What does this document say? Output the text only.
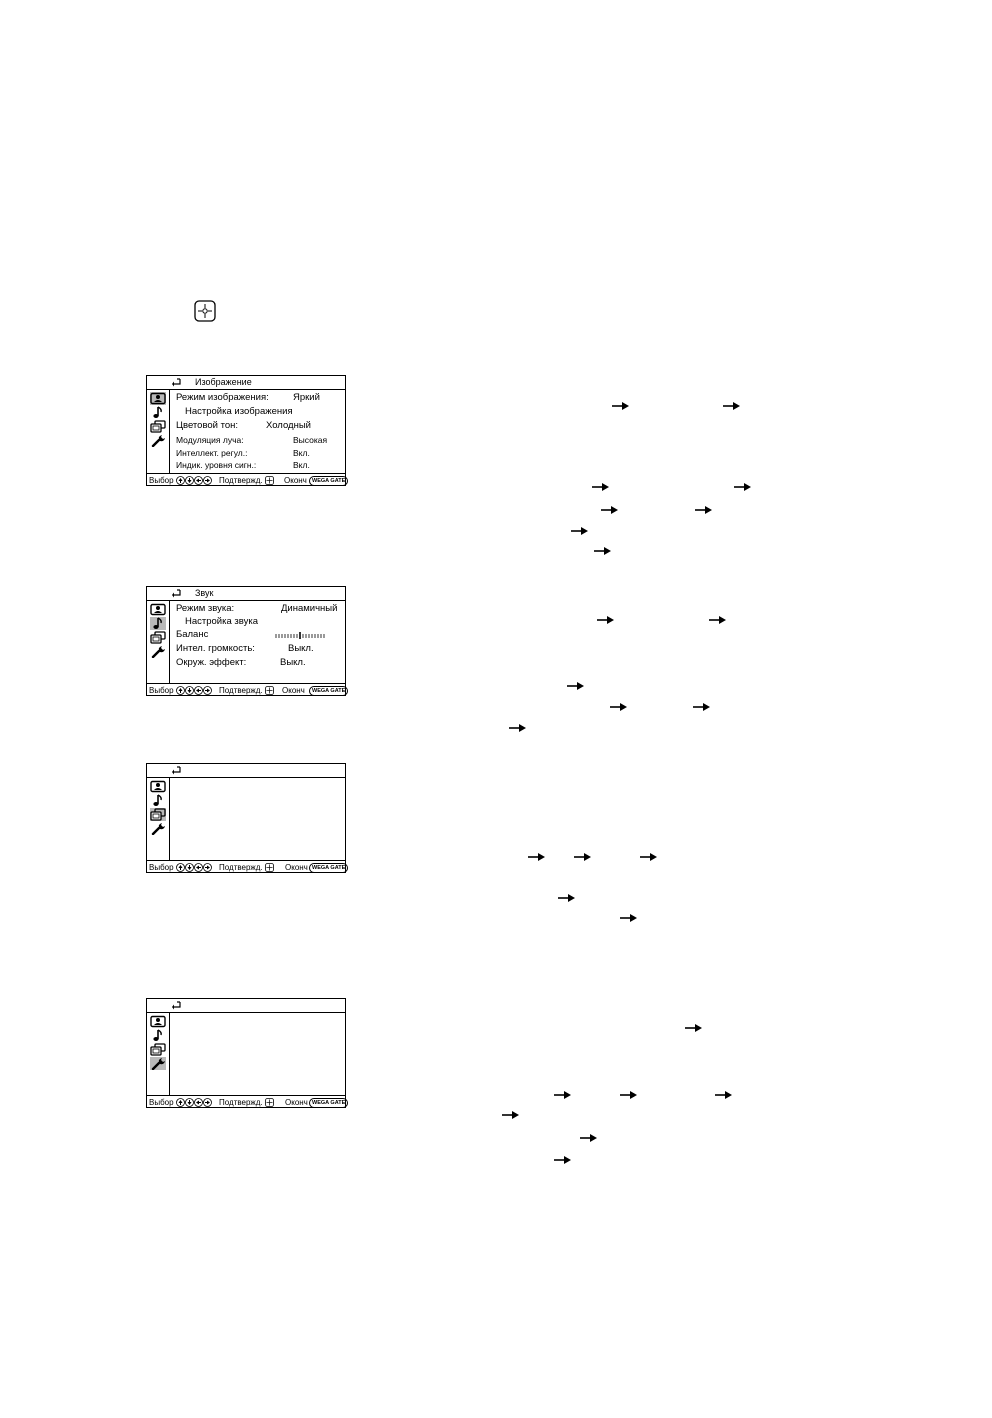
Изображение
Режим изображения:	Яркий
Настройка изображения
Цветовой тон:	Холодный
Модуляция луча:	Высокая
Интеллект. регул.:	Вкл.
Индик. уровня сигн.:	Вкл.
Выбор	Подтвержд.	Оконч WEGA GATE
Звук
Режим звука:	Динамичный
Настройка звука
Баланс
Интел. громкость:	Выкл.
Окруж. эффект:	Выкл.
Выбор	Подтвержд. Оконч	WEGA GATE
Выбор	Подтвержд.	Оконч WEGA GATE
Выбор	Подтвержд.	Оконч WEGA GATE
